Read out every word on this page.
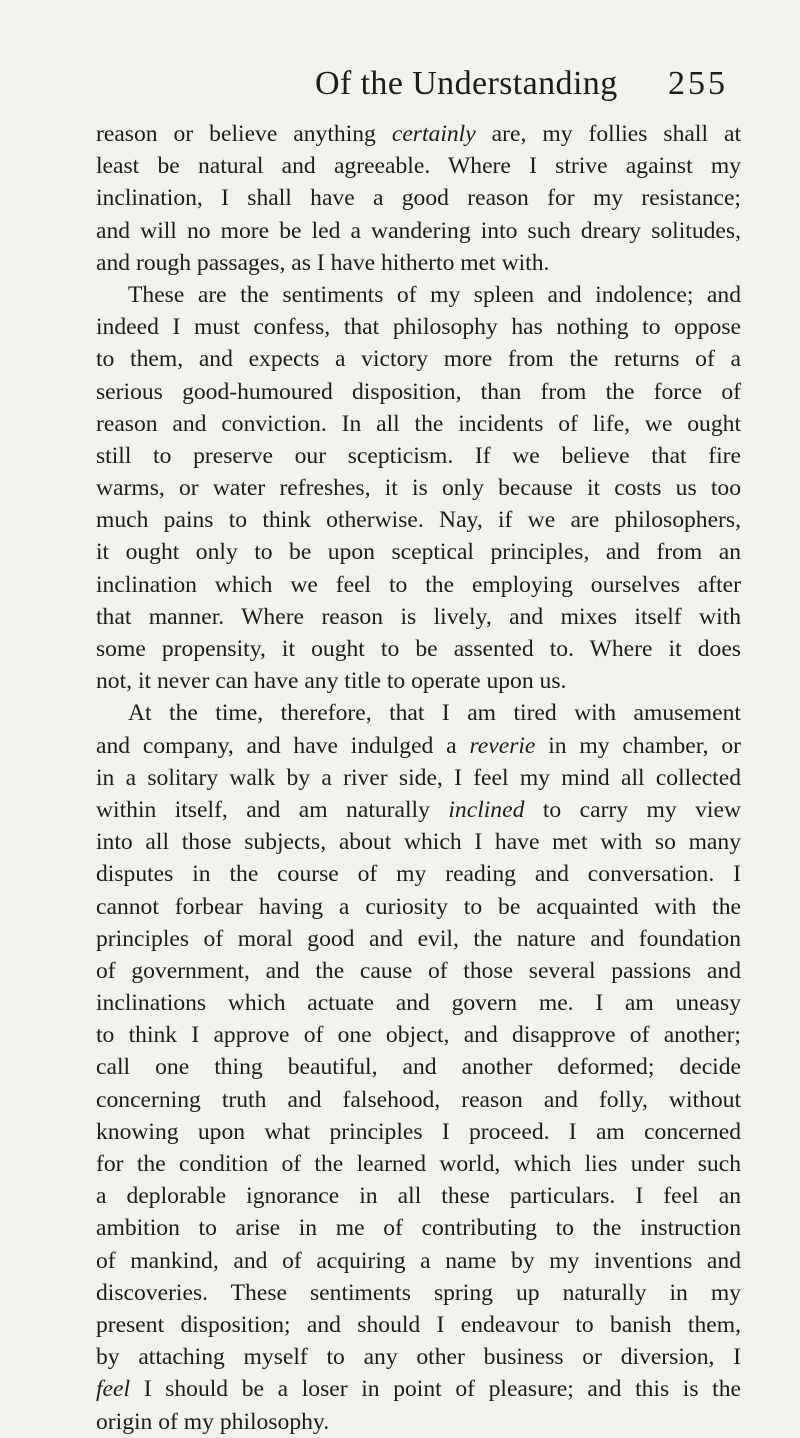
Of the Understanding 255
reason or believe anything certainly are, my follies shall at
least be natural and agreeable. Where I strive against my
inclination, I shall have a good reason for my resistance;
and will no more be led a wandering into such dreary solitudes,
and rough passages, as I have hitherto met with.
These are the sentiments of my spleen and indolence; and
indeed I must confess, that philosophy has nothing to oppose
to them, and expects a victory more from the returns of a
serious good-humoured disposition, than from the force of
reason and conviction. In all the incidents of life, we ought
still to preserve our scepticism. If we believe that fire
warms, or water refreshes, it is only because it costs us too
much pains to think otherwise. Nay, if we are philosophers,
it ought only to be upon sceptical principles, and from an
inclination which we feel to the employing ourselves after
that manner. Where reason is lively, and mixes itself with
some propensity, it ought to be assented to. Where it does
not, it never can have any title to operate upon us.
At the time, therefore, that I am tired with amusement
and company, and have indulged a reverie in my chamber, or
in a solitary walk by a river side, I feel my mind all collected
within itself, and am naturally inclined to carry my view
into all those subjects, about which I have met with so many
disputes in the course of my reading and conversation. I
cannot forbear having a curiosity to be acquainted with the
principles of moral good and evil, the nature and foundation
of government, and the cause of those several passions and
inclinations which actuate and govern me. I am uneasy
to think I approve of one object, and disapprove of another;
call one thing beautiful, and another deformed; decide
concerning truth and falsehood, reason and folly, without
knowing upon what principles I proceed. I am concerned
for the condition of the learned world, which lies under such
a deplorable ignorance in all these particulars. I feel an
ambition to arise in me of contributing to the instruction
of mankind, and of acquiring a name by my inventions and
discoveries. These sentiments spring up naturally in my
present disposition; and should I endeavour to banish them,
by attaching myself to any other business or diversion, I
feel I should be a loser in point of pleasure; and this is the
origin of my philosophy.
